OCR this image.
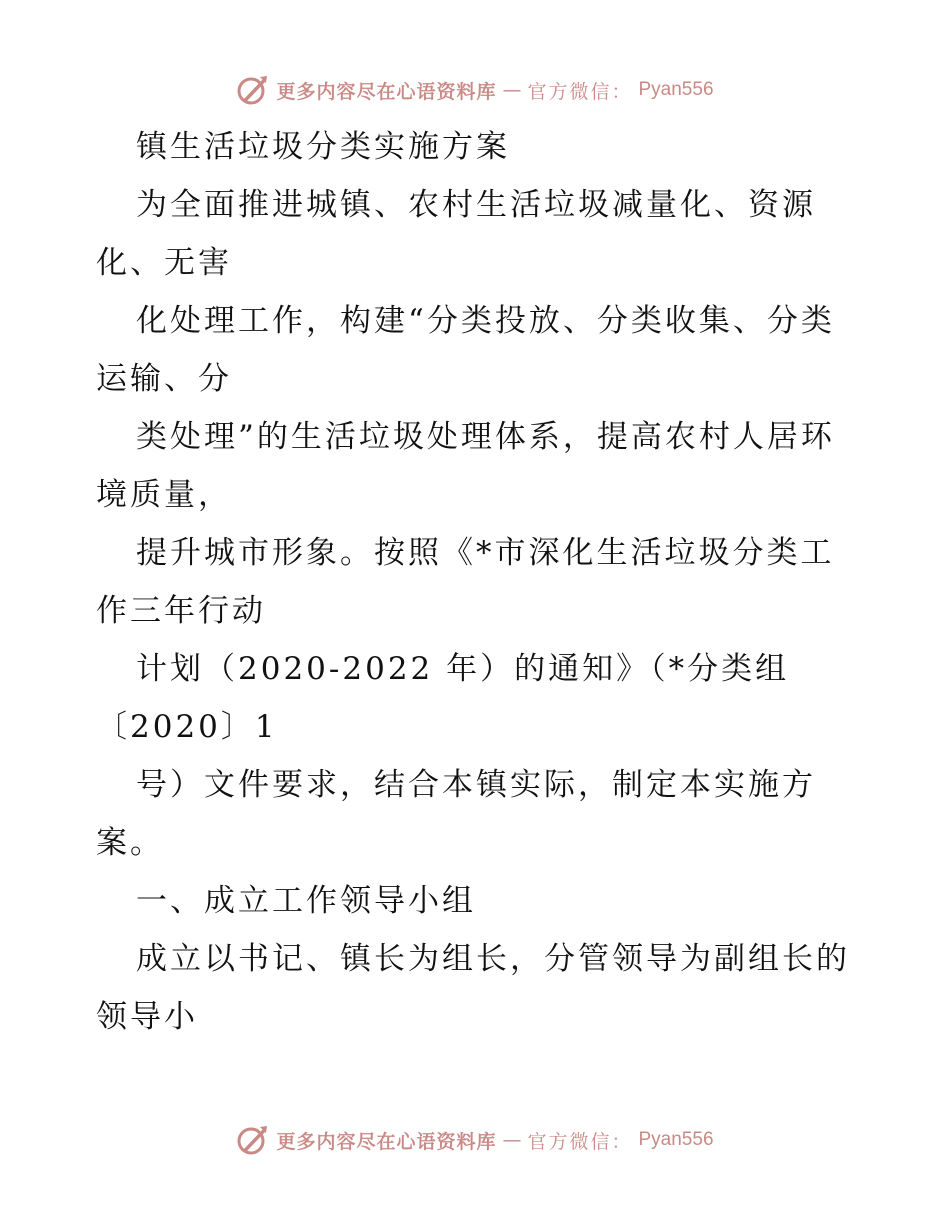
更多内容尽在心语资料库 — 官方微信： Pyan556
镇生活垃圾分类实施方案
为全面推进城镇、农村生活垃圾减量化、资源
化、无害
化处理工作，构建“分类投放、分类收集、分类
运输、分
类处理”的生活垃圾处理体系，提高农村人居环
境质量，
提升城市形象。按照《*市深化生活垃圾分类工
作三年行动
计划（2020-2022 年）的通知》（*分类组
〔2020〕1
号）文件要求，结合本镇实际，制定本实施方
案。
一、成立工作领导小组
成立以书记、镇长为组长，分管领导为副组长的
领导小
更多内容尽在心语资料库 — 官方微信： Pyan556
